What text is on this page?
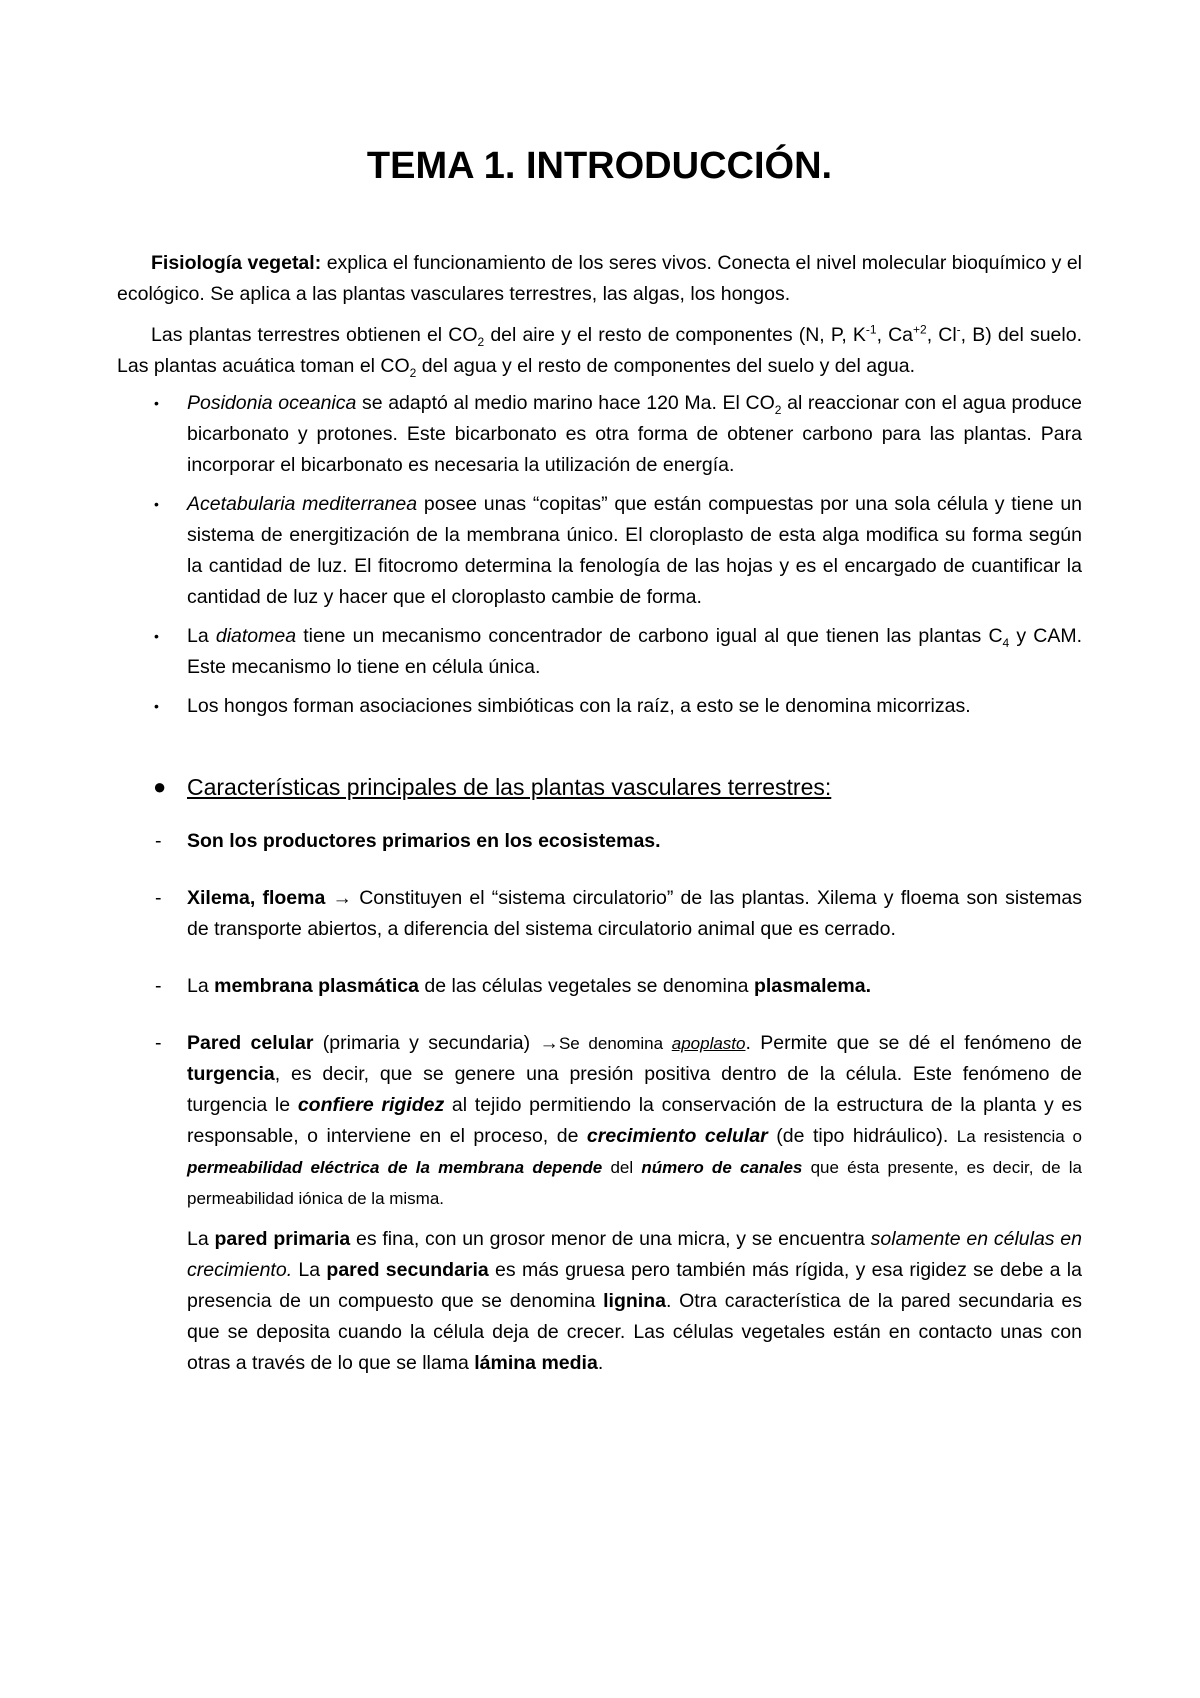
TEMA 1. INTRODUCCIÓN.

Fisiología vegetal: explica el funcionamiento de los seres vivos. Conecta el nivel molecular bioquímico y el ecológico. Se aplica a las plantas vasculares terrestres, las algas, los hongos.

Las plantas terrestres obtienen el $CO_2$ del aire y el resto de componentes (N, P, $K^{-1}$, $Ca^{+2}$, Cl-, B) del suelo. Las plantas acuática toman el $CO_2$ del agua y el resto de componentes del suelo y del agua.

• Posidonia oceanica se adaptó al medio marino hace 120 Ma. El $CO_2$ al reaccionar con el agua produce bicarbonato y protones. Este bicarbonato es otra forma de obtener carbono para las plantas. Para incorporar el bicarbonato es necesaria la utilización de energía.
• Acetabularia mediterranea posee unas “copitas” que están compuestas por una sola célula y tiene un sistema de energitización de la membrana único. El cloroplasto de esta alga modifica su forma según la cantidad de luz. El fitocromo determina la fenología de las hojas y es el encargado de cuantificar la cantidad de luz y hacer que el cloroplasto cambie de forma.
• La diatomea tiene un mecanismo concentrador de carbono igual al que tienen las plantas $C_4$ y CAM. Este mecanismo lo tiene en célula única.
• Los hongos forman asociaciones simbióticas con la raíz, a esto se le denomina micorrizas.
● Características principales de las plantas vasculares terrestres:
- Son los productores primarios en los ecosistemas.
- Xilema, floema → Constituyen el “sistema circulatorio” de las plantas. Xilema y floema son sistemas de transporte abiertos, a diferencia del sistema circulatorio animal que es cerrado.
- La membrana plasmática de las células vegetales se denomina plasmalema.
- Pared celular (primaria y secundaria) →Se denomina apoplasto. Permite que se dé el fenómeno de turgencia, es decir, que se genere una presión positiva dentro de la célula. Este fenómeno de turgencia le confiere rigidez al tejido permitiendo la conservación de la estructura de la planta y es responsable, o interviene en el proceso, de crecimiento celular (de tipo hidráulico). La resistencia o permeabilidad eléctrica de la membrana depende del número de canales que ésta presente, es decir, de la permeabilidad iónica de la misma.

La pared primaria es fina, con un grosor menor de una micra, y se encuentra solamente en células en crecimiento. La pared secundaria es más gruesa pero también más rígida, y esa rigidez se debe a la presencia de un compuesto que se denomina lignina. Otra característica de la pared secundaria es que se deposita cuando la célula deja de crecer. Las células vegetales están en contacto unas con otras a través de lo que se llama lámina media.
